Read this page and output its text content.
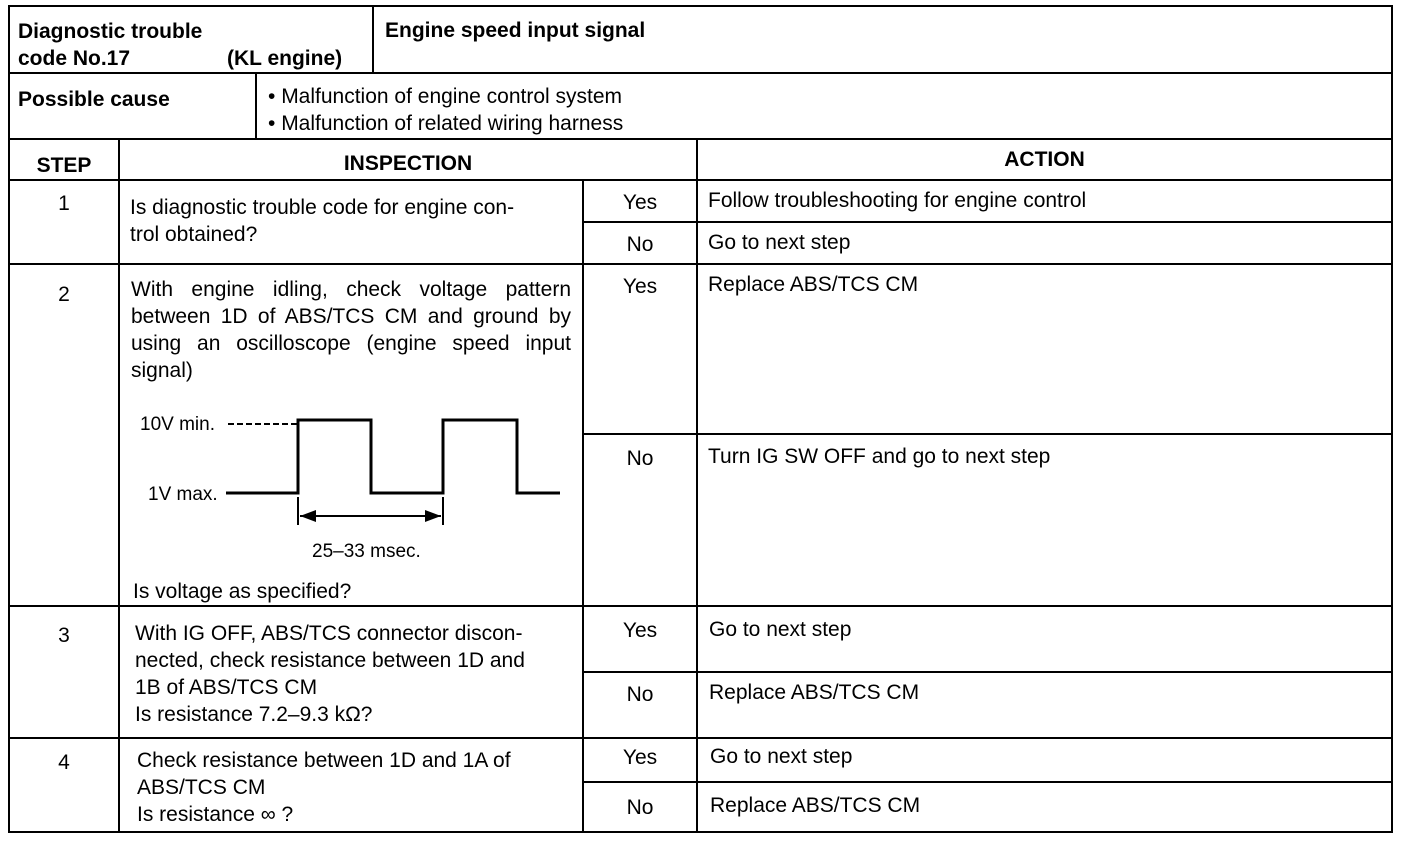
Diagnostic trouble
code No.17	(KL engine)
Engine speed input signal
Possible cause	• Malfunction of engine control system
• Malfunction of related wiring harness
STEP	INSPECTION	ACTION
1	Is diagnostic trouble code for engine con-
trol obtained?
Yes	Follow troubleshooting for engine control
No	Go to next step
2	With engine idling, check voltage pattern between 1D of ABS/TCS CM and ground by using an oscilloscope (engine speed input signal)
10V min.
1V max.
25–33 msec.
Is voltage as specified?
Yes	Replace ABS/TCS CM
No	Turn IG SW OFF and go to next step
3	With IG OFF, ABS/TCS connector discon-
nected, check resistance between 1D and
1B of ABS/TCS CM
Is resistance 7.2–9.3 kΩ?
Yes	Go to next step
No	Replace ABS/TCS CM
4	Check resistance between 1D and 1A of
ABS/TCS CM
Is resistance ∞ ?
Yes	Go to next step
No	Replace ABS/TCS CM
